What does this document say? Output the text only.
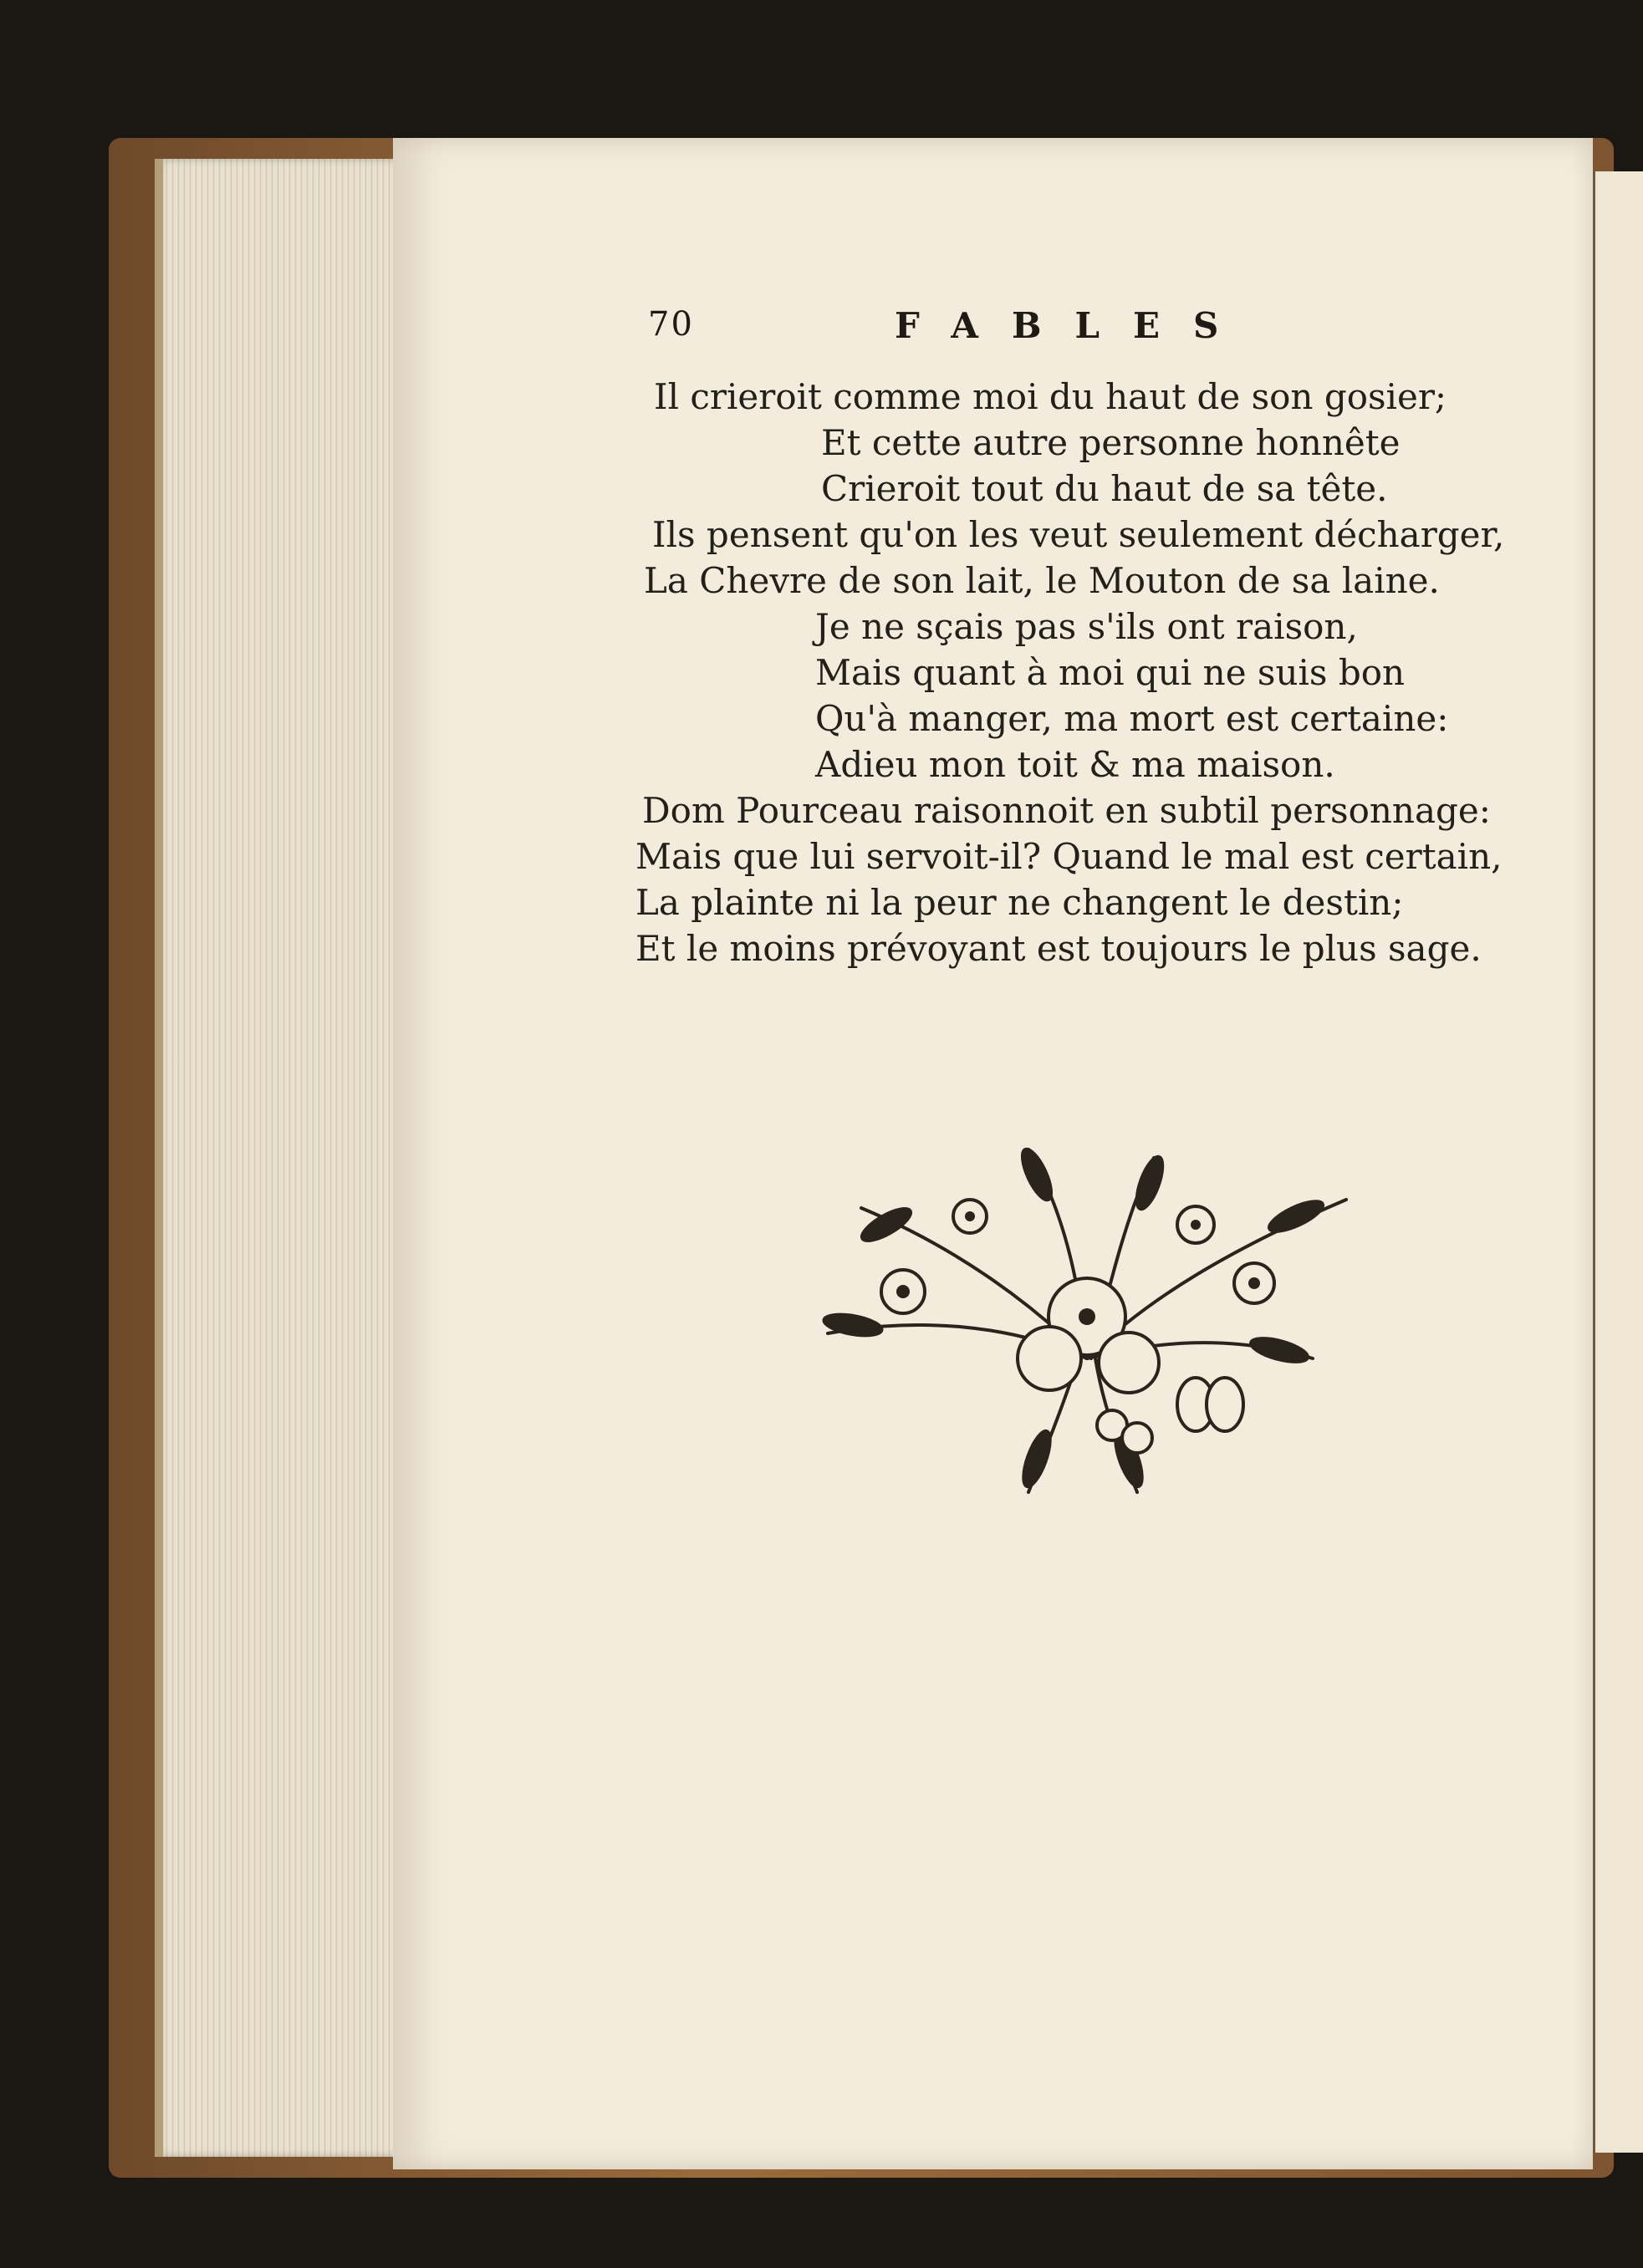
70	FABLES
Il crieroit comme moi du haut de son gosier;
Et cette autre personne honnête
Crieroit tout du haut de sa tête.
Ils pensent qu'on les veut seulement décharger,
La Chevre de son lait, le Mouton de sa laine.
Je ne sçais pas s'ils ont raison,
Mais quant à moi qui ne suis bon
Qu'à manger, ma mort est certaine:
Adieu mon toit & ma maison.
Dom Pourceau raisonnoit en subtil personnage:
Mais que lui servoit-il? Quand le mal est certain,
La plainte ni la peur ne changent le destin;
Et le moins prévoyant est toujours le plus sage.
